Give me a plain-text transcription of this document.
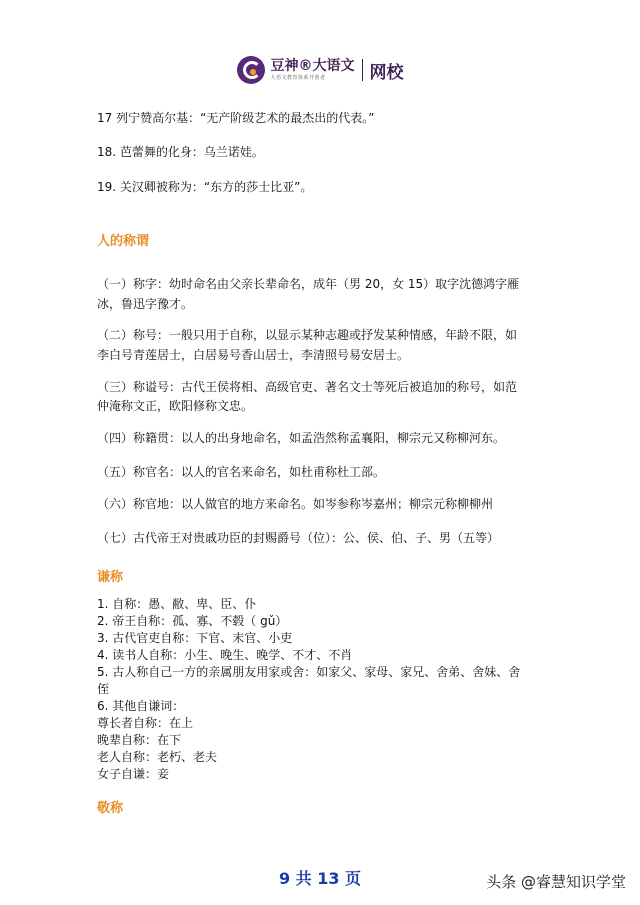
豆神®大语文
大语文教育体系开创者	网校
17 列宁赞高尔基：“无产阶级艺术的最杰出的代表。”
18. 芭蕾舞的化身：乌兰诺娃。
19. 关汉卿被称为：“东方的莎士比亚”。
人的称谓
（一）称字：幼时命名由父亲长辈命名，成年（男 20，女 15）取字沈德鸿字雁
冰，鲁迅字豫才。
（二）称号：一般只用于自称，以显示某种志趣或抒发某种情感，年龄不限，如
李白号青莲居士，白居易号香山居士，李清照号易安居士。
（三）称谥号：古代王侯将相、高级官吏、著名文士等死后被追加的称号，如范
仲淹称文正，欧阳修称文忠。
（四）称籍贯：以人的出身地命名，如孟浩然称孟襄阳，柳宗元又称柳河东。
（五）称官名：以人的官名来命名，如杜甫称杜工部。
（六）称官地：以人做官的地方来命名。如岑参称岑嘉州；柳宗元称柳柳州
（七）古代帝王对贵戚功臣的封赐爵号（位）：公、侯、伯、子、男（五等）
谦称
1. 自称：愚、敝、卑、臣、仆
2. 帝王自称：孤、寡、不毂（ gǔ）
3. 古代官吏自称：下官、末官、小吏
4. 读书人自称：小生、晚生、晚学、不才、不肖
5. 古人称自己一方的亲属朋友用家或舍：如家父、家母、家兄、舍弟、舍妹、舍
侄
6. 其他自谦词：
尊长者自称：在上
晚辈自称：在下
老人自称：老朽、老夫
女子自谦：妾
敬称
9 共 13 页	头条 @睿慧知识学堂
